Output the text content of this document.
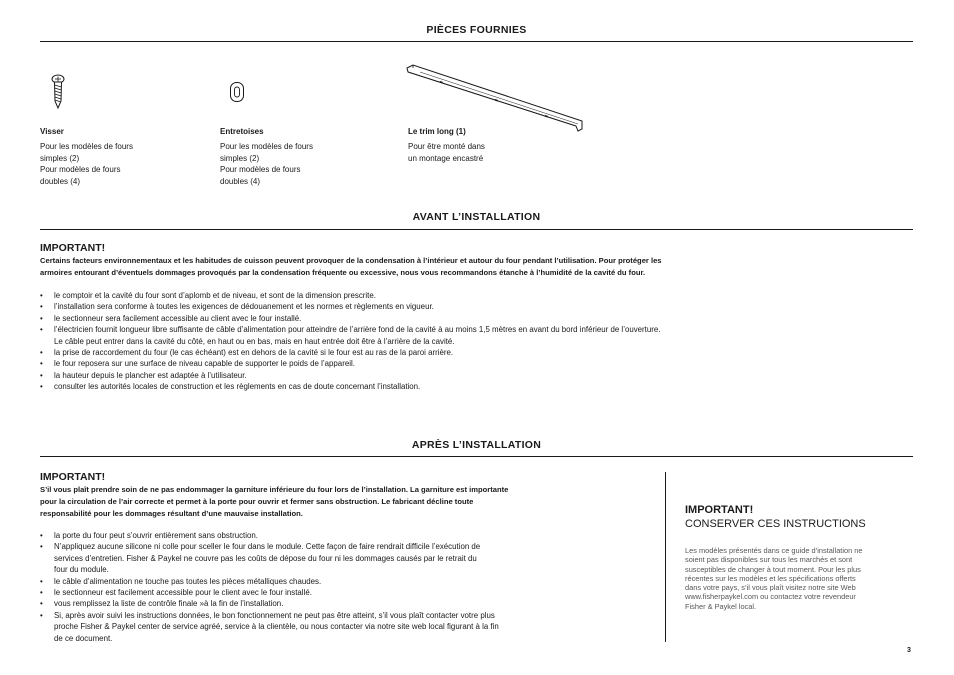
PIÈCES FOURNIES
Visser
Pour les modèles de fours
simples (2)
Pour modèles de fours
doubles (4)
Entretoises
Pour les modèles de fours
simples (2)
Pour modèles de fours
doubles (4)
Le trim long (1)
Pour être monté dans
un montage encastré
AVANT L’INSTALLATION
IMPORTANT!
Certains facteurs environnementaux et les habitudes de cuisson peuvent provoquer de la condensation à l’intérieur et autour du four pendant l’utilisation. Pour protéger les
armoires entourant d’éventuels dommages provoqués par la condensation fréquente ou excessive, nous vous recommandons étanche à l’humidité de la cavité du four.
• le comptoir et la cavité du four sont d’aplomb et de niveau, et sont de la dimension prescrite.
• l’installation sera conforme à toutes les exigences de dédouanement et les normes et règlements en vigueur.
• le sectionneur sera facilement accessible au client avec le four installé.
• l’électricien fournit longueur libre suffisante de câble d’alimentation pour atteindre de l’arrière fond de la cavité à au moins 1,5 mètres en avant du bord inférieur de l’ouverture.
Le câble peut entrer dans la cavité du côté, en haut ou en bas, mais en haut entrée doit être à l’arrière de la cavité.
• la prise de raccordement du four (le cas échéant) est en dehors de la cavité si le four est au ras de la paroi arrière.
• le four reposera sur une surface de niveau capable de supporter le poids de l’appareil.
• la hauteur depuis le plancher est adaptée à l’utilisateur.
• consulter les autorités locales de construction et les règlements en cas de doute concernant l’installation.
APRÈS L’INSTALLATION
IMPORTANT!
S’il vous plaît prendre soin de ne pas endommager la garniture inférieure du four lors de l’installation. La garniture est importante
pour la circulation de l’air correcte et permet à la porte pour ouvrir et fermer sans obstruction. Le fabricant décline toute
responsabilité pour les dommages résultant d’une mauvaise installation.
• la porte du four peut s’ouvrir entièrement sans obstruction.
• N’appliquez aucune silicone ni colle pour sceller le four dans le module. Cette façon de faire rendrait difficile l’exécution de
services d’entretien. Fisher & Paykel ne couvre pas les coûts de dépose du four ni les dommages causés par le retrait du
four du module.
• le câble d’alimentation ne touche pas toutes les pièces métalliques chaudes.
• le sectionneur est facilement accessible pour le client avec le four installé.
• vous remplissez la liste de contrôle finale »à la fin de l’installation.
• Si, après avoir suivi les instructions données, le bon fonctionnement ne peut pas être atteint, s’il vous plaît contacter votre plus
proche Fisher & Paykel center de service agréé, service à la clientèle, ou nous contacter via notre site web local figurant à la fin
de ce document.
IMPORTANT!
CONSERVER CES INSTRUCTIONS
Les modèles présentés dans ce guide d’installation ne
soient pas disponibles sur tous les marchés et sont
susceptibles de changer à tout moment. Pour les plus
récentes sur les modèles et les spécifications offerts
dans votre pays, s’il vous plaît visitez notre site Web
www.fisherpaykel.com ou contactez votre revendeur
Fisher & Paykel local.
3
